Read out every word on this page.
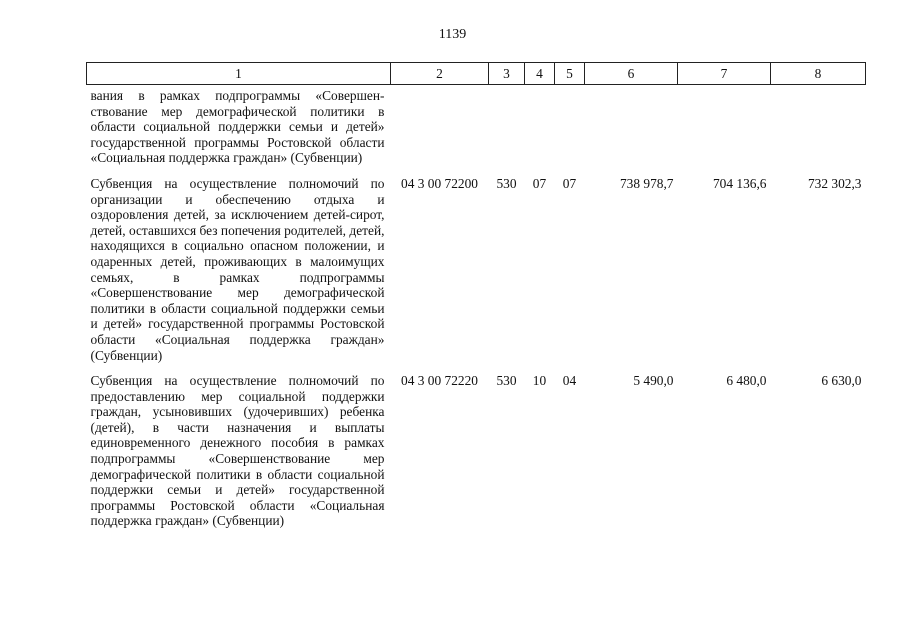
1139
1	2	3	4	5	6	7	8
вания в рамках подпрограммы «Совершенствование мер демографической политики в области социальной поддержки семьи и детей» государственной программы Ростовской области «Социальная поддержка граждан» (Субвенции)							
Субвенция на осуществление полномочий по организации и обеспечению отдыха и оздоровления детей, за исключением детей-сирот, детей, оставшихся без попечения родителей, детей, находящихся в социально опасном положении, и одаренных детей, проживающих в малоимущих семьях, в рамках подпрограммы «Совершенствование мер демографической политики в области социальной поддержки семьи и детей» государственной программы Ростовской области «Социальная поддержка граждан» (Субвенции)	04 3 00 72200	530	07	07	738 978,7	704 136,6	732 302,3
Субвенция на осуществление полномочий по предоставлению мер социальной поддержки граждан, усыновивших (удочеривших) ребенка (детей), в части назначения и выплаты единовременного денежного пособия в рамках подпрограммы «Совершенствование мер демографической политики в области социальной поддержки семьи и детей» государственной программы Ростовской области «Социальная поддержка граждан» (Субвенции)	04 3 00 72220	530	10	04	5 490,0	6 480,0	6 630,0
